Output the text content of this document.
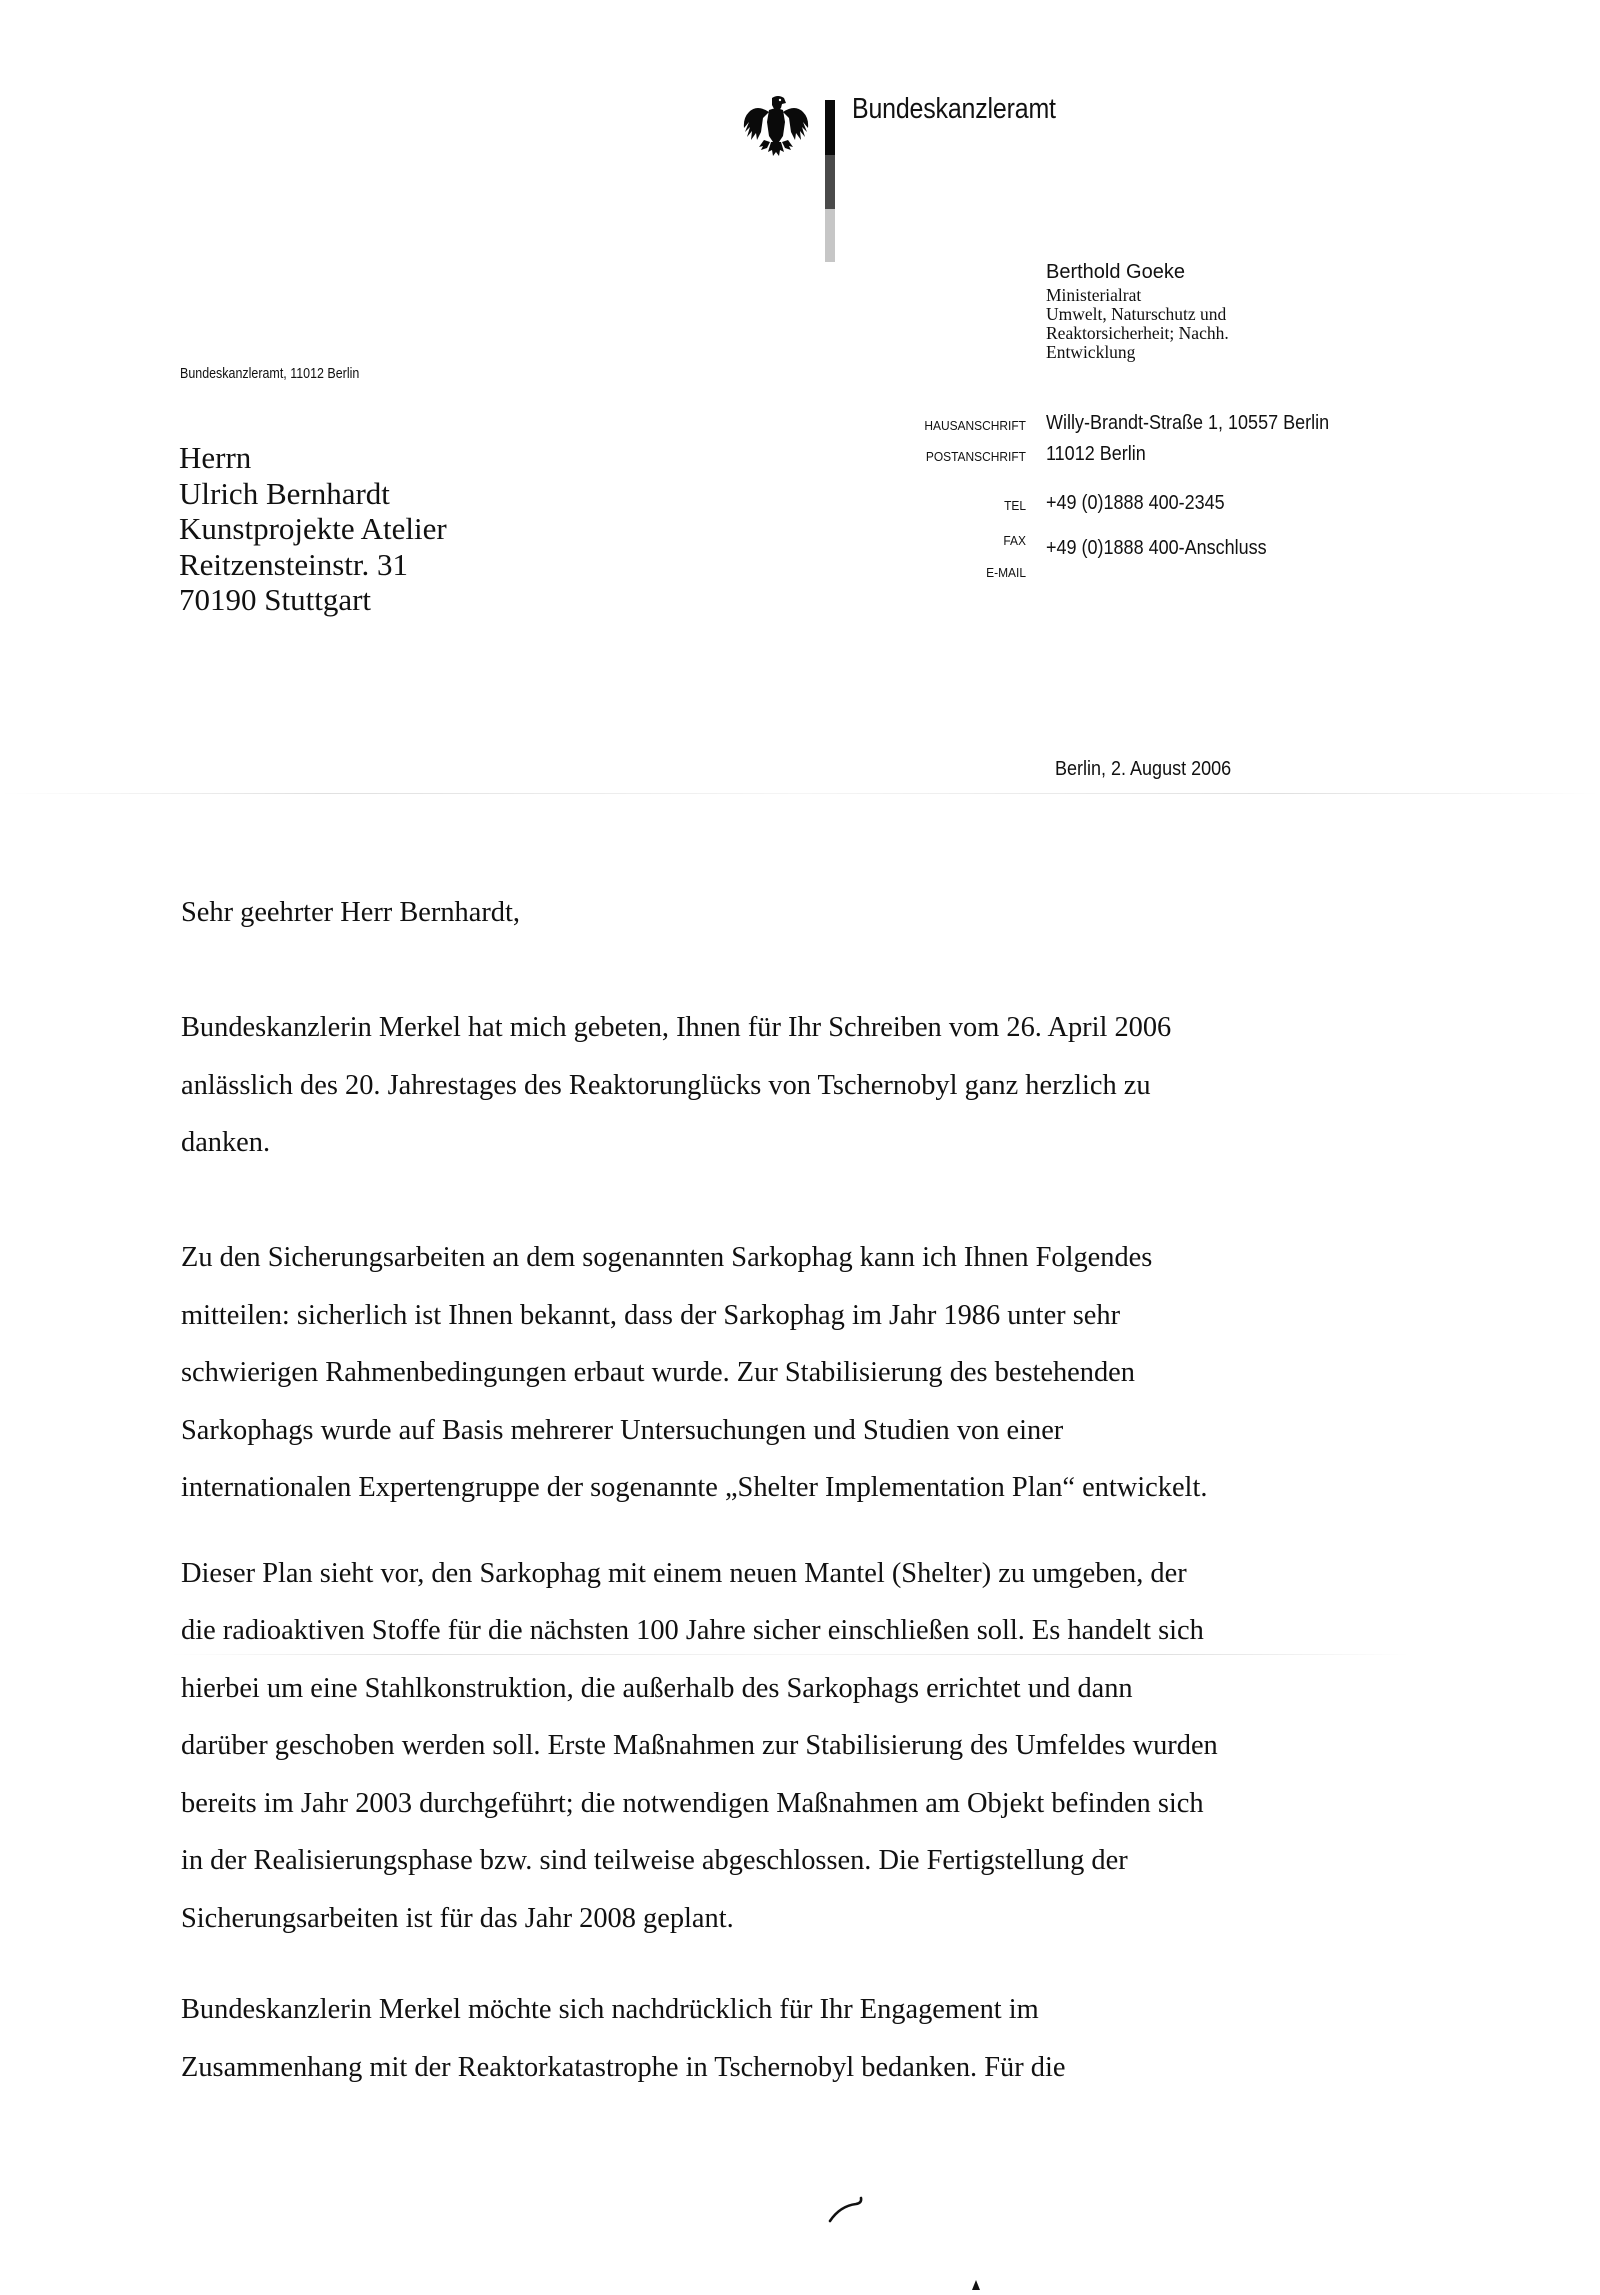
Bundeskanzleramt
Berthold Goeke
Ministerialrat
Umwelt, Naturschutz und
Reaktorsicherheit; Nachh.
Entwicklung
Bundeskanzleramt, 11012 Berlin
Herrn
Ulrich Bernhardt
Kunstprojekte Atelier
Reitzensteinstr. 31
70190 Stuttgart
HAUSANSCHRIFT Willy-Brandt-Straße 1, 10557 Berlin
POSTANSCHRIFT 11012 Berlin
TEL +49 (0)1888 400-2345
FAX +49 (0)1888 400-Anschluss
E-MAIL
Berlin, 2. August 2006
Sehr geehrter Herr Bernhardt,
Bundeskanzlerin Merkel hat mich gebeten, Ihnen für Ihr Schreiben vom 26. April 2006
anlässlich des 20. Jahrestages des Reaktorunglücks von Tschernobyl ganz herzlich zu
danken.
Zu den Sicherungsarbeiten an dem sogenannten Sarkophag kann ich Ihnen Folgendes
mitteilen: sicherlich ist Ihnen bekannt, dass der Sarkophag im Jahr 1986 unter sehr
schwierigen Rahmenbedingungen erbaut wurde. Zur Stabilisierung des bestehenden
Sarkophags wurde auf Basis mehrerer Untersuchungen und Studien von einer
internationalen Expertengruppe der sogenannte „Shelter Implementation Plan“ entwickelt.
Dieser Plan sieht vor, den Sarkophag mit einem neuen Mantel (Shelter) zu umgeben, der
die radioaktiven Stoffe für die nächsten 100 Jahre sicher einschließen soll. Es handelt sich
hierbei um eine Stahlkonstruktion, die außerhalb des Sarkophags errichtet und dann
darüber geschoben werden soll. Erste Maßnahmen zur Stabilisierung des Umfeldes wurden
bereits im Jahr 2003 durchgeführt; die notwendigen Maßnahmen am Objekt befinden sich
in der Realisierungsphase bzw. sind teilweise abgeschlossen. Die Fertigstellung der
Sicherungsarbeiten ist für das Jahr 2008 geplant.
Bundeskanzlerin Merkel möchte sich nachdrücklich für Ihr Engagement im
Zusammenhang mit der Reaktorkatastrophe in Tschernobyl bedanken. Für die
